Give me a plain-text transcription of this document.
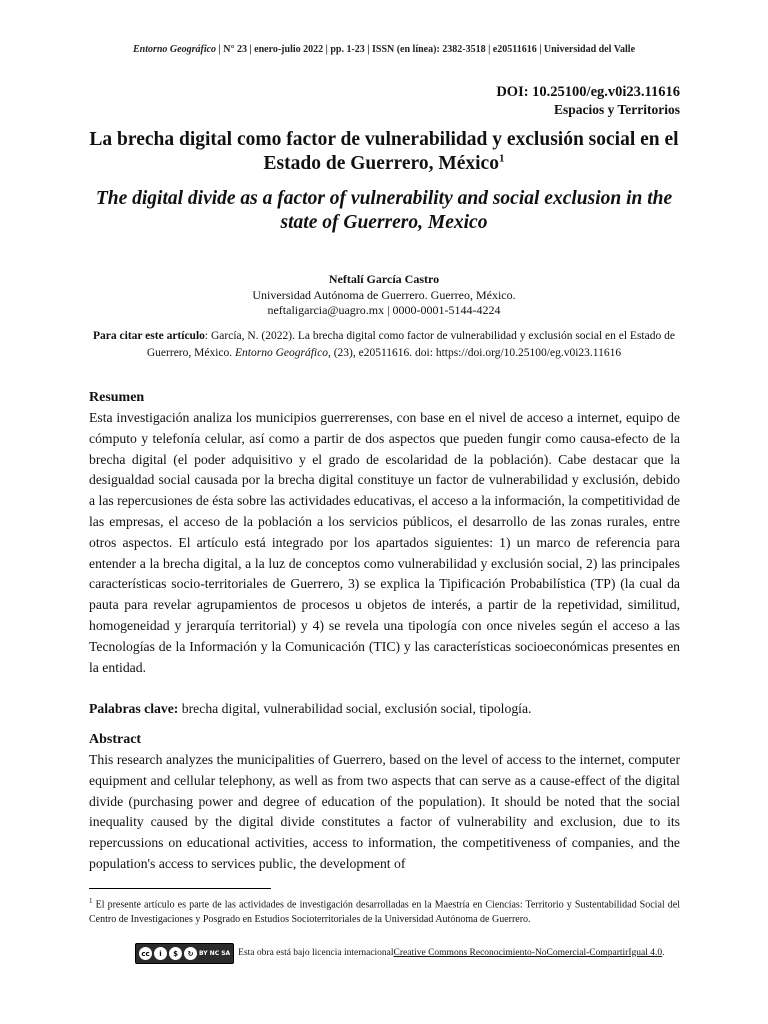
Entorno Geográfico | N° 23 | enero-julio 2022 | pp. 1-23 | ISSN (en línea): 2382-3518 | e20511616 | Universidad del Valle
DOI: 10.25100/eg.v0i23.11616
Espacios y Territorios
La brecha digital como factor de vulnerabilidad y exclusión social en el Estado de Guerrero, México$^1$
The digital divide as a factor of vulnerability and social exclusion in the state of Guerrero, Mexico
Neftalí García Castro
Universidad Autónoma de Guerrero. Guerreo, México.
neftaligarcia@uagro.mx | 0000-0001-5144-4224
Para citar este artículo: García, N. (2022). La brecha digital como factor de vulnerabilidad y exclusión social en el Estado de Guerrero, México. Entorno Geográfico, (23), e20511616. doi: https://doi.org/10.25100/eg.v0i23.11616
Resumen

Esta investigación analiza los municipios guerrerenses, con base en el nivel de acceso a internet, equipo de cómputo y telefonía celular, así como a partir de dos aspectos que pueden fungir como causa-efecto de la brecha digital (el poder adquisitivo y el grado de escolaridad de la población). Cabe destacar que la desigualdad social causada por la brecha digital constituye un factor de vulnerabilidad y exclusión, debido a las repercusiones de ésta sobre las actividades educativas, el acceso a la información, la competitividad de las empresas, el acceso de la población a los servicios públicos, el desarrollo de las zonas rurales, entre otros aspectos. El artículo está integrado por los apartados siguientes: 1) un marco de referencia para entender a la brecha digital, a la luz de conceptos como vulnerabilidad y exclusión social, 2) las principales características socio-territoriales de Guerrero, 3) se explica la Tipificación Probabilística (TP) (la cual da pauta para revelar agrupamientos de procesos u objetos de interés, a partir de la repetividad, similitud, homogeneidad y jerarquía territorial) y 4) se revela una tipología con once niveles según el acceso a las Tecnologías de la Información y la Comunicación (TIC) y las características socioeconómicas presentes en la entidad.

Palabras clave: brecha digital, vulnerabilidad social, exclusión social, tipología.
Abstract

This research analyzes the municipalities of Guerrero, based on the level of access to the internet, computer equipment and cellular telephony, as well as from two aspects that can serve as a cause-effect of the digital divide (purchasing power and degree of education of the population). It should be noted that the social inequality caused by the digital divide constitutes a factor of vulnerability and exclusion, due to its repercussions on educational activities, access to information, the competitiveness of companies, and the population's access to services public, the development of

$^1$ El presente artículo es parte de las actividades de investigación desarrolladas en la Maestría en Ciencias: Territorio y Sustentabilidad Social del Centro de Investigaciones y Posgrado en Estudios Socioterritoriales de la Universidad Autónoma de Guerrero.

cc	i	$	↻ BY NC SA Esta obra está bajo licencia internacional Creative Commons Reconocimiento-NoComercial-CompartirIgual 4.0 .
